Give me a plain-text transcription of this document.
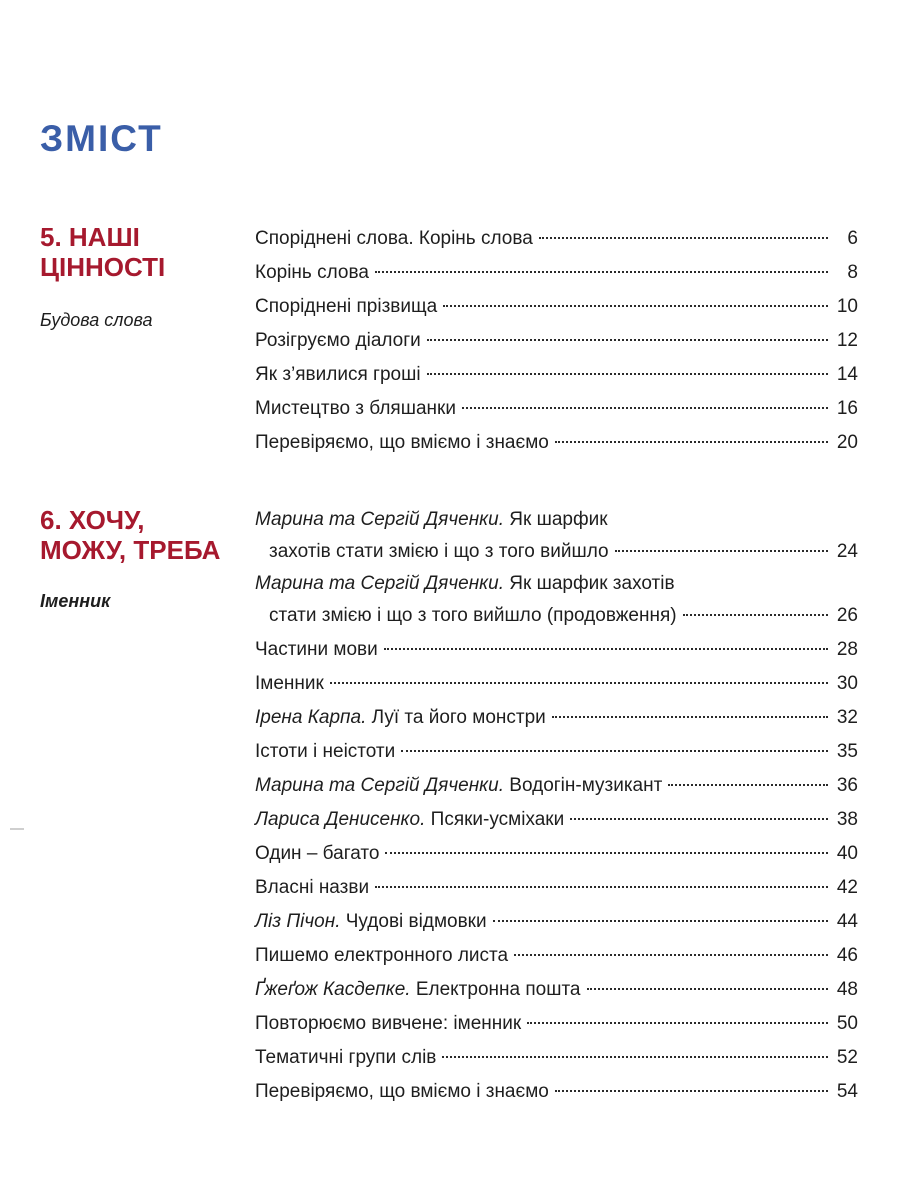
ЗМІСТ
5. НАШІ
ЦІННОСТІ
Будова слова
Споріднені слова. Корінь слова	6
Корінь слова	8
Споріднені прізвища	10
Розігруємо діалоги	12
Як з’явилися гроші	14
Мистецтво з бляшанки	16
Перевіряємо, що вміємо і знаємо	20
6. ХОЧУ,
МОЖУ, ТРЕБА
Іменник
Марина та Сергій Дяченки.
Як шарфик
захотів стати змією і що з того вийшло	24
Марина та Сергій Дяченки.
Як шарфик захотів
стати змією і що з того вийшло (продовження)	26
Частини мови	28
Іменник	30
Ірена Карпа.
Луї та його монстри	32
Істоти і неістоти	35
Марина та Сергій Дяченки.
Водогін-музикант	36
Лариса Денисенко.
Псяки-усміхаки	38
Один – багато	40
Власні назви	42
Ліз Пічон.
Чудові відмовки	44
Пишемо електронного листа	46
Ґжеґож Касдепке.
Електронна пошта	48
Повторюємо вивчене: іменник	50
Тематичні групи слів	52
Перевіряємо, що вміємо і знаємо	54
